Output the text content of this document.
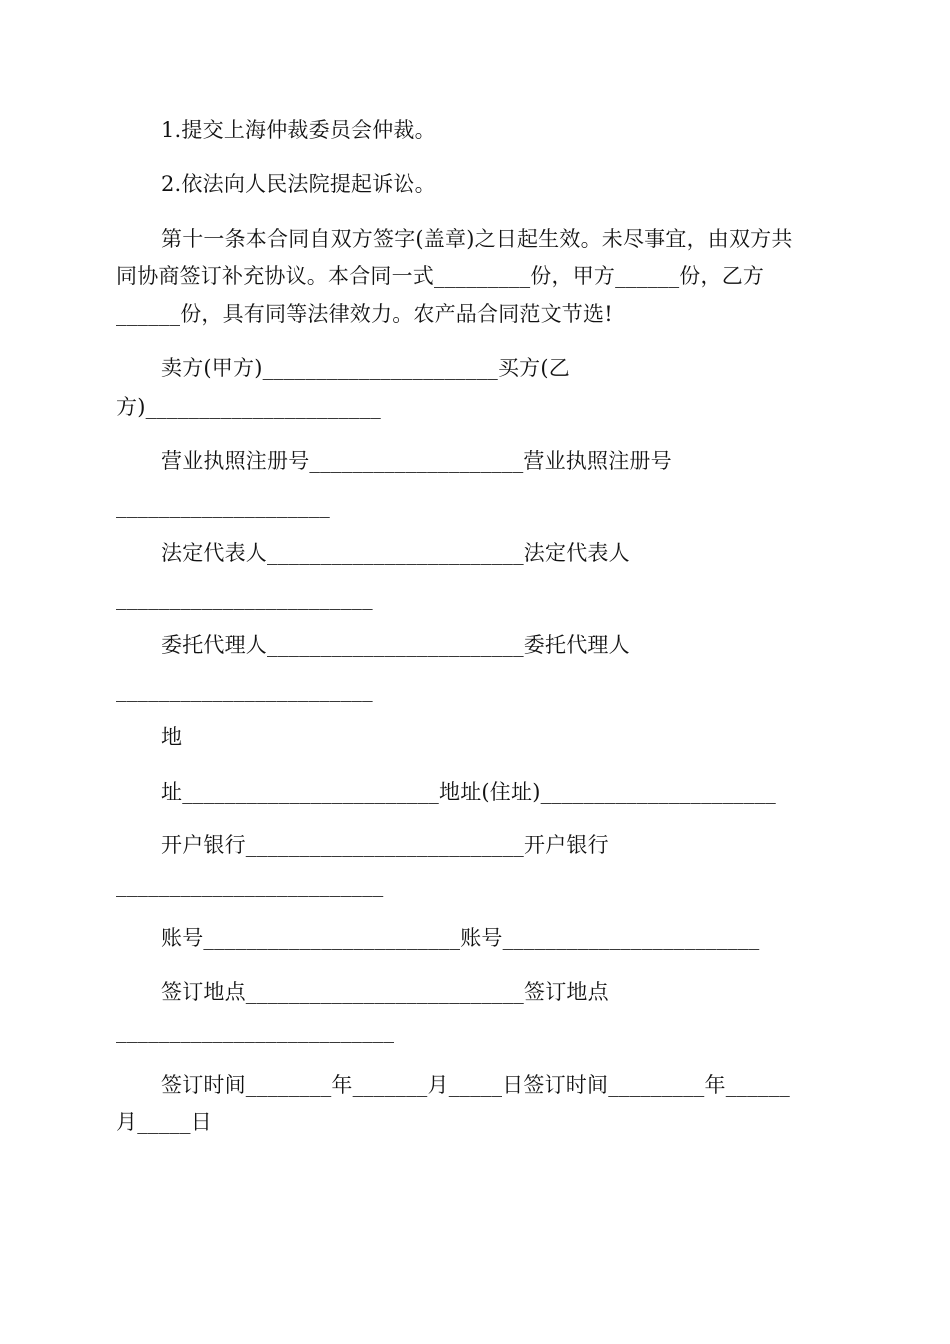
1.提交上海仲裁委员会仲裁。
2.依法向人民法院提起诉讼。
第十一条本合同自双方签字(盖章)之日起生效。未尽事宜，由双方共
同协商签订补充协议。本合同一式_________份，甲方______份，乙方
______份，具有同等法律效力。农产品合同范文节选!
卖方(甲方)______________________买方(乙
方)______________________
营业执照注册号____________________营业执照注册号
____________________
法定代表人________________________法定代表人
________________________
委托代理人________________________委托代理人
________________________
地
址________________________地址(住址)______________________
开户银行__________________________开户银行
_________________________
账号________________________账号________________________
签订地点__________________________签订地点
__________________________
签订时间________年_______月_____日签订时间_________年______
月_____日
